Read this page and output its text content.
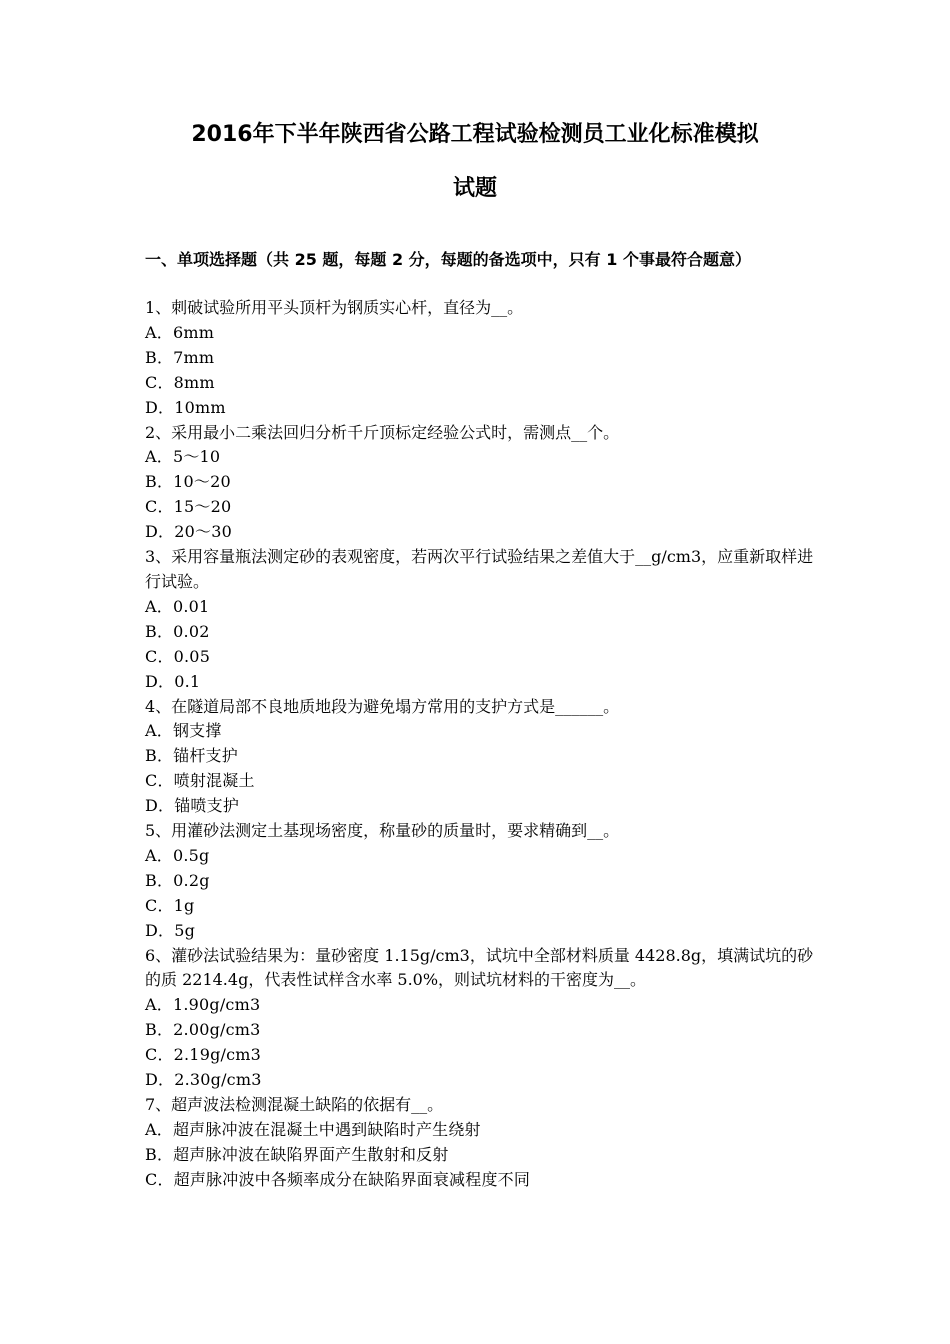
2016年下半年陕西省公路工程试验检测员工业化标准模拟
试题

一、单项选择题（共 25 题，每题 2 分，每题的备选项中，只有 1 个事最符合题意）

1、刺破试验所用平头顶杆为钢质实心杆，直径为__。

A．6mm

B．7mm

C．8mm

D．10mm

2、采用最小二乘法回归分析千斤顶标定经验公式时，需测点__个。

A．5～10

B．10～20

C．15～20

D．20～30

3、采用容量瓶法测定砂的表观密度，若两次平行试验结果之差值大于__g/cm3，应重新取样进行试验。

A．0.01

B．0.02

C．0.05

D．0.1

4、在隧道局部不良地质地段为避免塌方常用的支护方式是______。

A．钢支撑

B．锚杆支护

C．喷射混凝土

D．锚喷支护

5、用灌砂法测定土基现场密度，称量砂的质量时，要求精确到__。

A．0.5g

B．0.2g

C．1g

D．5g

6、灌砂法试验结果为：量砂密度 1.15g/cm3，试坑中全部材料质量 4428.8g，填满试坑的砂的质 2214.4g，代表性试样含水率 5.0%，则试坑材料的干密度为__。

A．1.90g/cm3

B．2.00g/cm3

C．2.19g/cm3

D．2.30g/cm3

7、超声波法检测混凝土缺陷的依据有__。

A．超声脉冲波在混凝土中遇到缺陷时产生绕射

B．超声脉冲波在缺陷界面产生散射和反射

C．超声脉冲波中各频率成分在缺陷界面衰减程度不同
